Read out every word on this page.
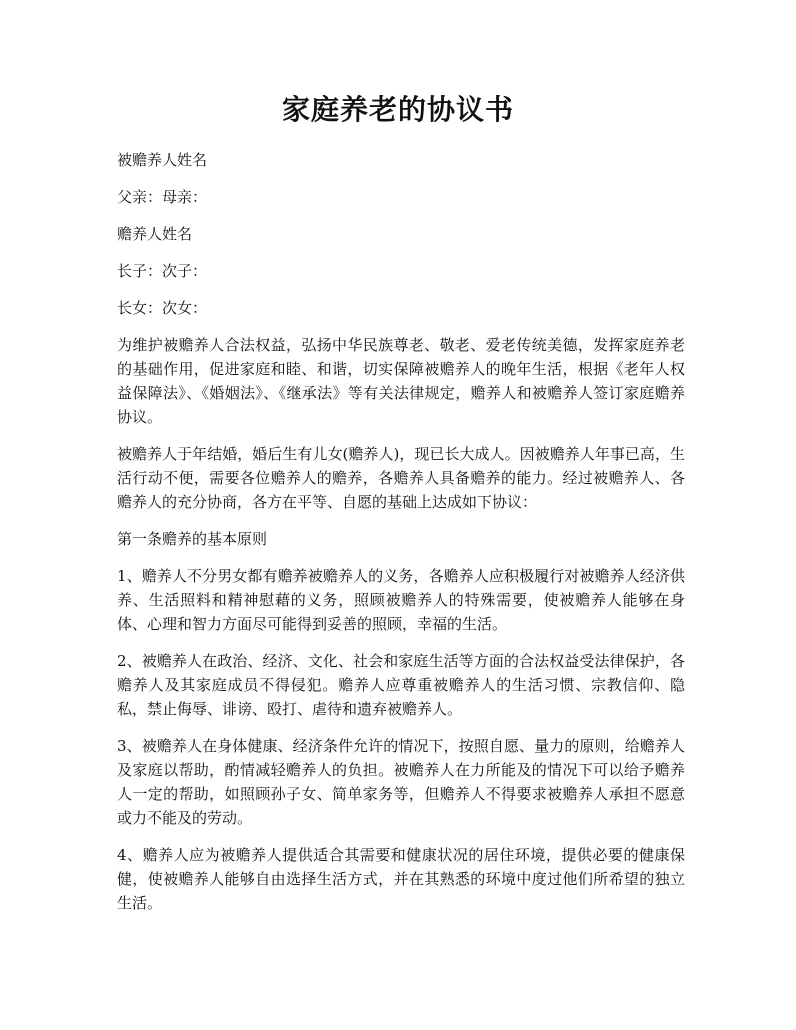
家庭养老的协议书

被赡养人姓名

父亲：母亲：

赡养人姓名

长子：次子：

长女：次女：

为维护被赡养人合法权益，弘扬中华民族尊老、敬老、爱老传统美德，发挥家庭养老的基础作用，促进家庭和睦、和谐，切实保障被赡养人的晚年生活，根据《老年人权益保障法》、《婚姻法》、《继承法》等有关法律规定，赡养人和被赡养人签订家庭赡养协议。

被赡养人于年结婚，婚后生有儿女(赡养人)，现已长大成人。因被赡养人年事已高，生活行动不便，需要各位赡养人的赡养，各赡养人具备赡养的能力。经过被赡养人、各赡养人的充分协商，各方在平等、自愿的基础上达成如下协议：

第一条赡养的基本原则

1、赡养人不分男女都有赡养被赡养人的义务，各赡养人应积极履行对被赡养人经济供养、生活照料和精神慰藉的义务，照顾被赡养人的特殊需要，使被赡养人能够在身体、心理和智力方面尽可能得到妥善的照顾，幸福的生活。

2、被赡养人在政治、经济、文化、社会和家庭生活等方面的合法权益受法律保护，各赡养人及其家庭成员不得侵犯。赡养人应尊重被赡养人的生活习惯、宗教信仰、隐私，禁止侮辱、诽谤、殴打、虐待和遗弃被赡养人。

3、被赡养人在身体健康、经济条件允许的情况下，按照自愿、量力的原则，给赡养人及家庭以帮助，酌情减轻赡养人的负担。被赡养人在力所能及的情况下可以给予赡养人一定的帮助，如照顾孙子女、简单家务等，但赡养人不得要求被赡养人承担不愿意或力不能及的劳动。

4、赡养人应为被赡养人提供适合其需要和健康状况的居住环境，提供必要的健康保健，使被赡养人能够自由选择生活方式，并在其熟悉的环境中度过他们所希望的独立生活。
